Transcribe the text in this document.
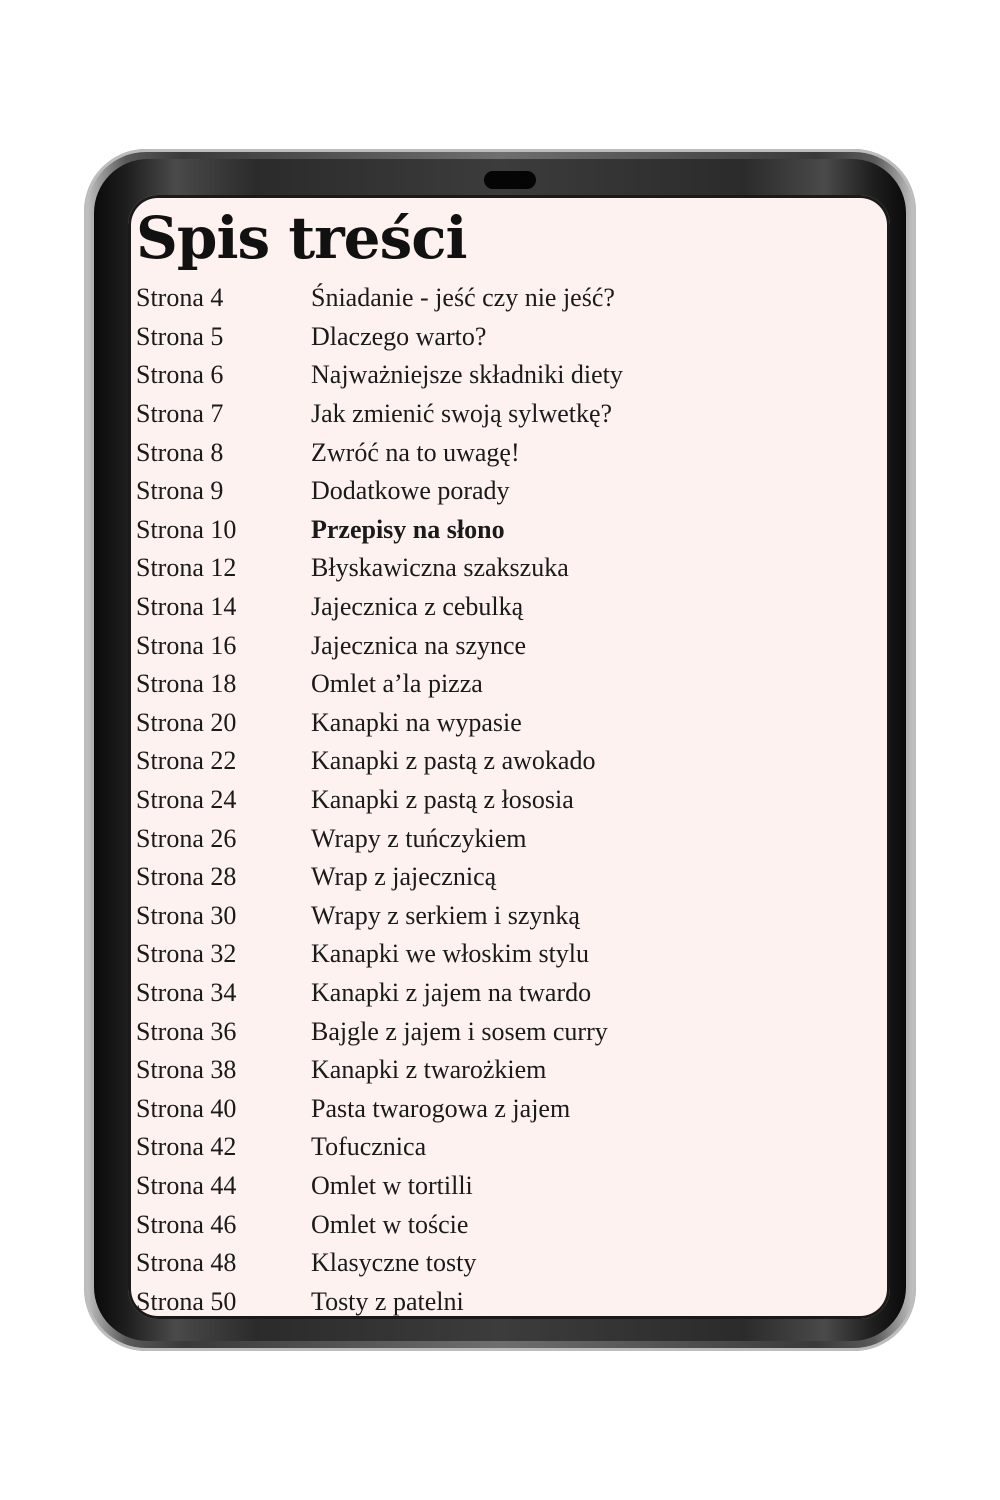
Spis treści
Strona 4	Śniadanie - jeść czy nie jeść?
Strona 5	Dlaczego warto?
Strona 6	Najważniejsze składniki diety
Strona 7	Jak zmienić swoją sylwetkę?
Strona 8	Zwróć na to uwagę!
Strona 9	Dodatkowe porady
Strona 10	Przepisy na słono
Strona 12	Błyskawiczna szakszuka
Strona 14	Jajecznica z cebulką
Strona 16	Jajecznica na szynce
Strona 18	Omlet a’la pizza
Strona 20	Kanapki na wypasie
Strona 22	Kanapki z pastą z awokado
Strona 24	Kanapki z pastą z łososia
Strona 26	Wrapy z tuńczykiem
Strona 28	Wrap z jajecznicą
Strona 30	Wrapy z serkiem i szynką
Strona 32	Kanapki we włoskim stylu
Strona 34	Kanapki z jajem na twardo
Strona 36	Bajgle z jajem i sosem curry
Strona 38	Kanapki z twarożkiem
Strona 40	Pasta twarogowa z jajem
Strona 42	Tofucznica
Strona 44	Omlet w tortilli
Strona 46	Omlet w toście
Strona 48	Klasyczne tosty
Strona 50	Tosty z patelni
